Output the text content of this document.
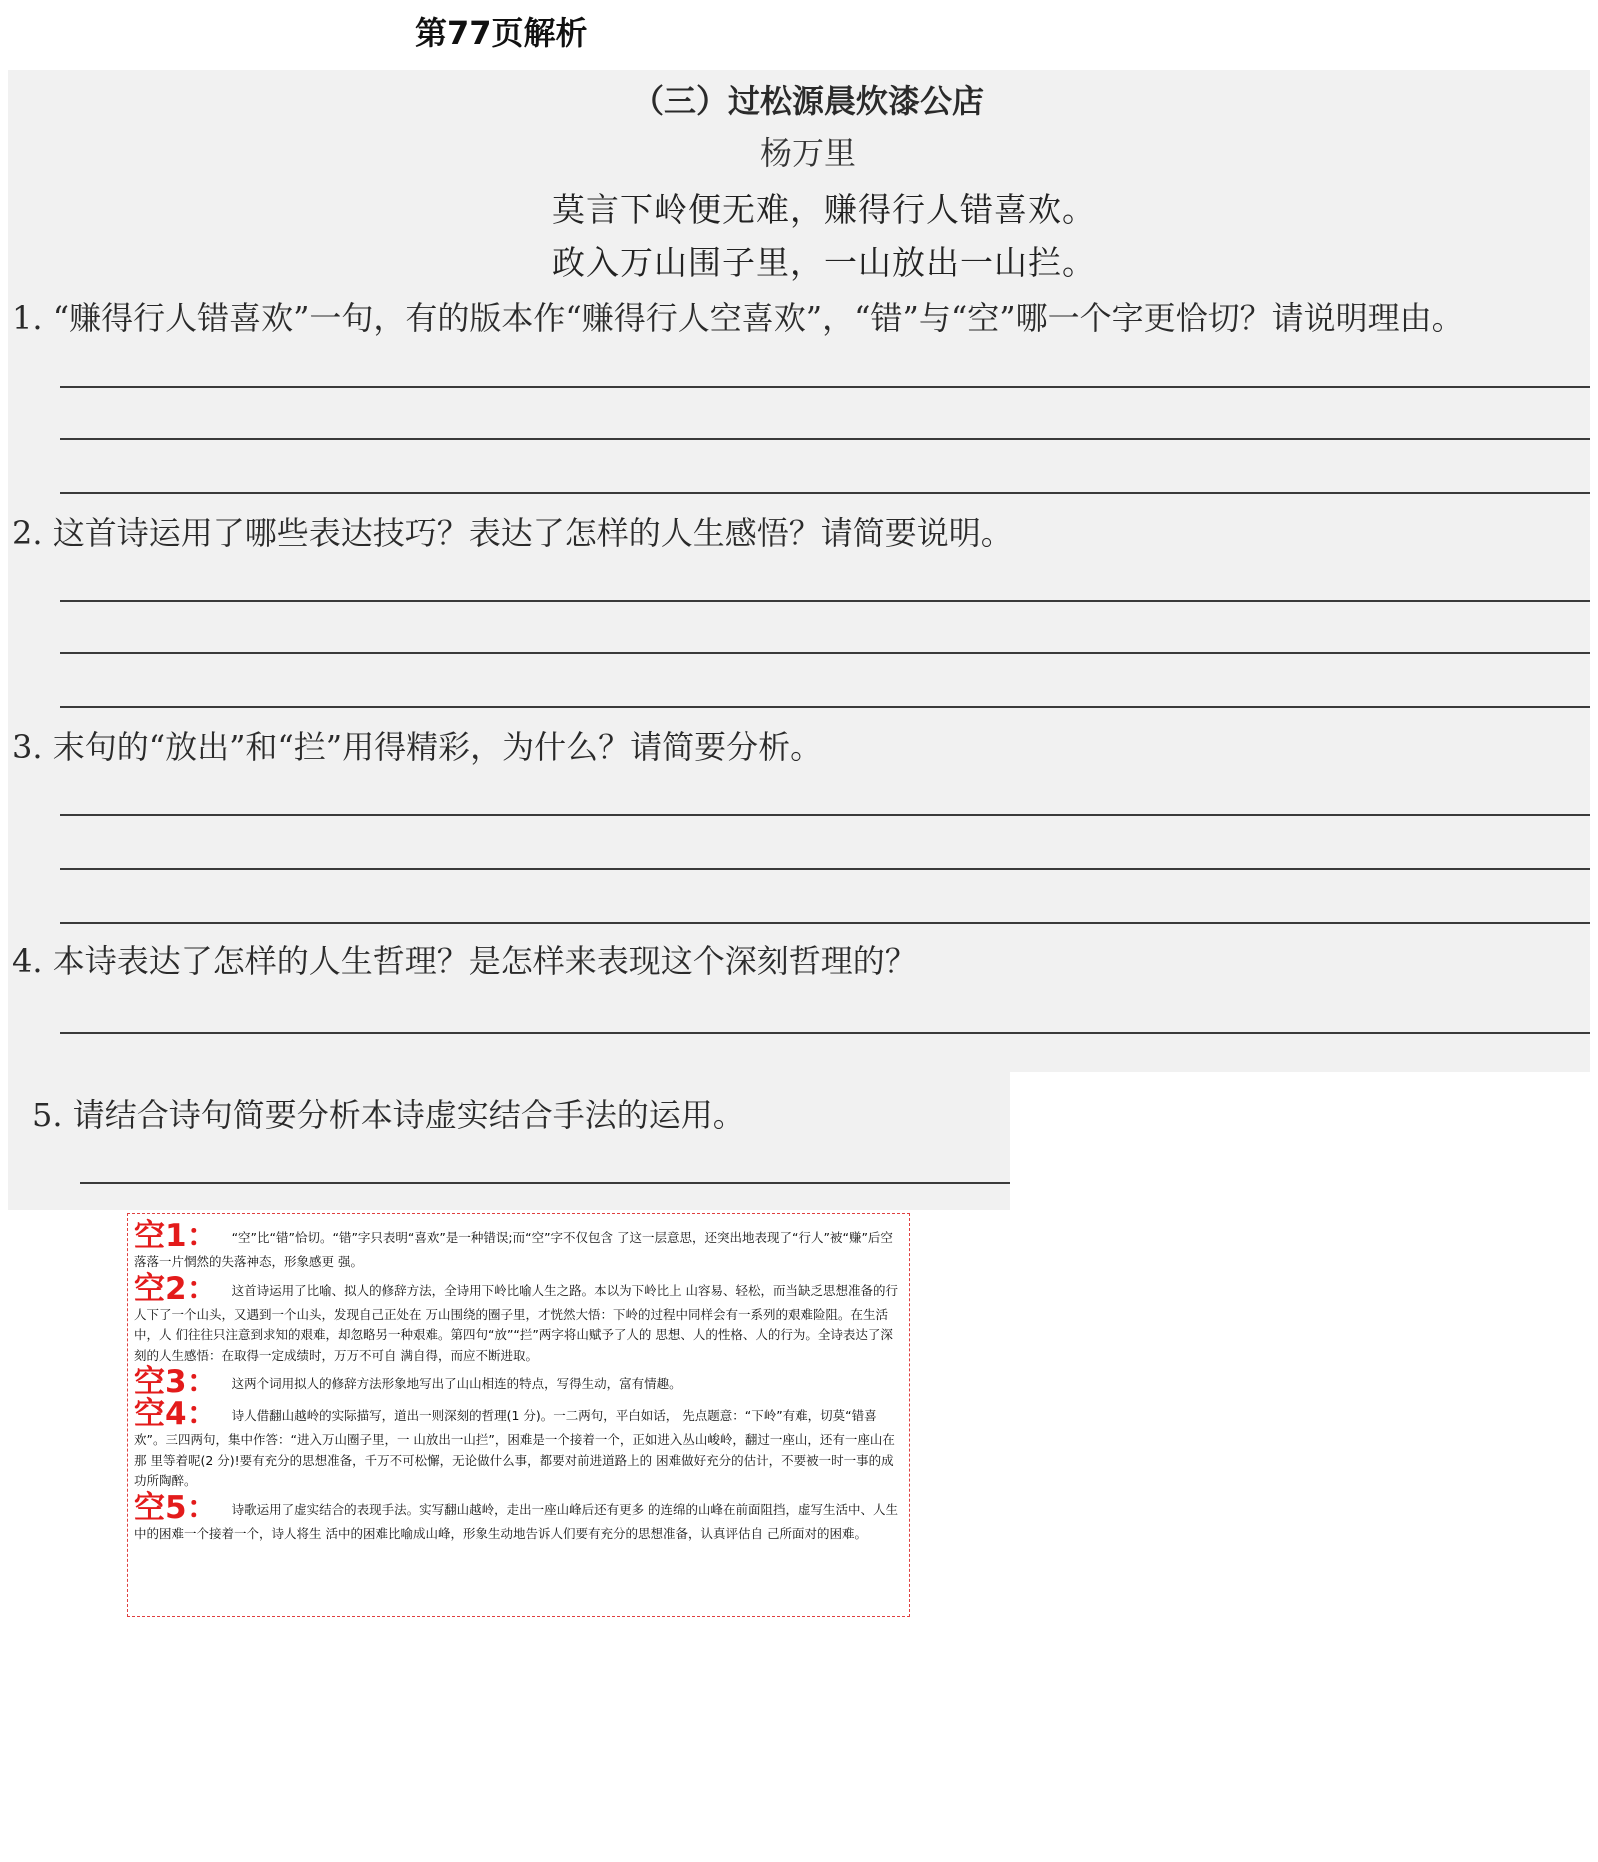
第77页解析
（三）过松源晨炊漆公店
杨万里
莫言下岭便无难，赚得行人错喜欢。
政入万山围子里，一山放出一山拦。
1. “赚得行人错喜欢”一句，有的版本作“赚得行人空喜欢”，“错”与“空”哪一个字更恰切？请说明理由。
2. 这首诗运用了哪些表达技巧？表达了怎样的人生感悟？请简要说明。
3. 末句的“放出”和“拦”用得精彩，为什么？请简要分析。
4. 本诗表达了怎样的人生哲理？是怎样来表现这个深刻哲理的？
5. 请结合诗句简要分析本诗虚实结合手法的运用。

空1： “空”比“错”恰切。“错”字只表明“喜欢”是一种错误;而“空”字不仅包含 了这一层意思，还突出地表现了“行人”被“赚”后空落落一片惘然的失落神态，形象感更 强。

空2： 这首诗运用了比喻、拟人的修辞方法，全诗用下岭比喻人生之路。本以为下岭比上 山容易、轻松，而当缺乏思想准备的行人下了一个山头，又遇到一个山头，发现自己正处在 万山围绕的圈子里，才恍然大悟：下岭的过程中同样会有一系列的艰难险阻。在生活中，人 们往往只注意到求知的艰难，却忽略另一种艰难。第四句“放”“拦”两字将山赋予了人的 思想、人的性格、人的行为。全诗表达了深刻的人生感悟：在取得一定成绩时，万万不可自 满自得，而应不断进取。

空3： 这两个词用拟人的修辞方法形象地写出了山山相连的特点，写得生动，富有情趣。

空4： 诗人借翻山越岭的实际描写，道出一则深刻的哲理(1 分)。一二两句，平白如话， 先点题意：“下岭”有难，切莫“错喜欢”。三四两句，集中作答：“进入万山圈子里，一 山放出一山拦”，困难是一个接着一个，正如进入丛山峻岭，翻过一座山，还有一座山在那 里等着呢(2 分)!要有充分的思想准备，千万不可松懈，无论做什么事，都要对前进道路上的 困难做好充分的估计，不要被一时一事的成功所陶醉。

空5： 诗歌运用了虚实结合的表现手法。实写翻山越岭，走出一座山峰后还有更多 的连绵的山峰在前面阻挡，虚写生活中、人生中的困难一个接着一个，诗人将生 活中的困难比喻成山峰，形象生动地告诉人们要有充分的思想准备，认真评估自 己所面对的困难。
